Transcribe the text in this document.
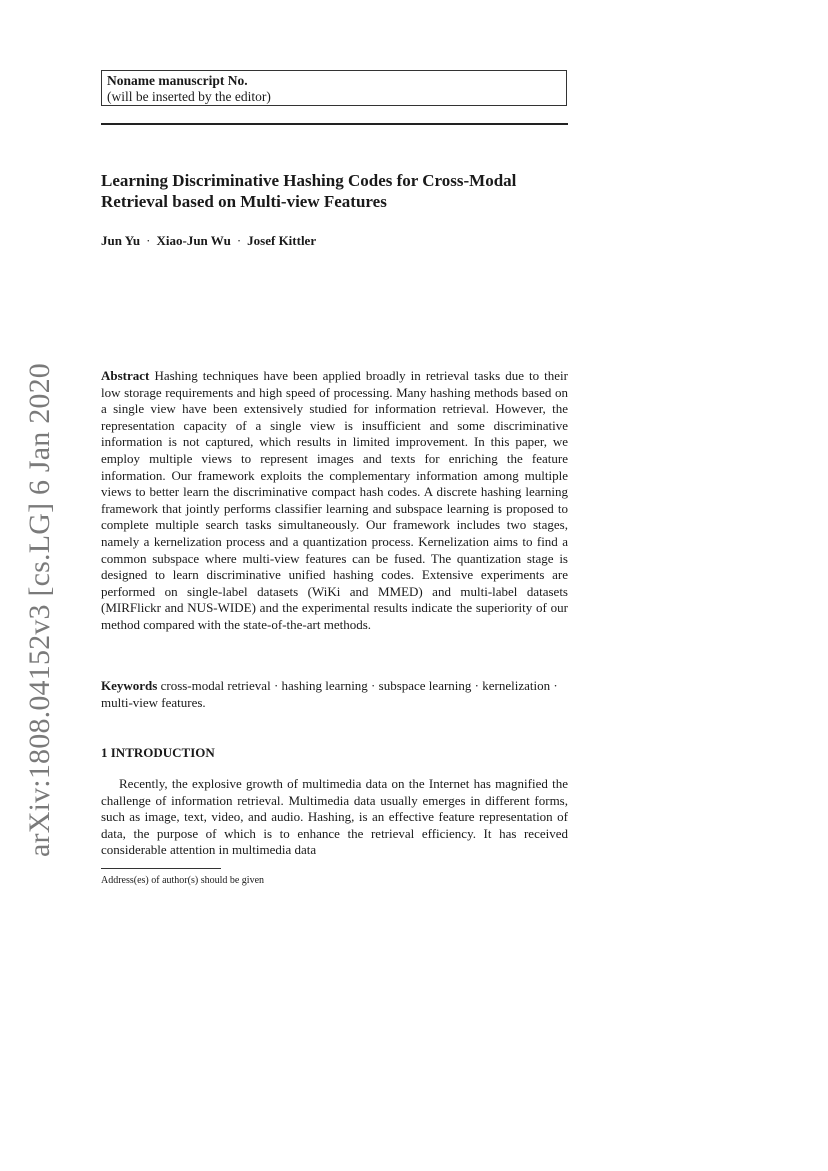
arXiv:1808.04152v3 [cs.LG] 6 Jan 2020
Noname manuscript No.
(will be inserted by the editor)
Learning Discriminative Hashing Codes for Cross-Modal Retrieval based on Multi-view Features
Jun Yu · Xiao-Jun Wu · Josef Kittler
Abstract Hashing techniques have been applied broadly in retrieval tasks due to their low storage requirements and high speed of processing. Many hashing methods based on a single view have been extensively studied for information retrieval. However, the representation capacity of a single view is insufficient and some discriminative information is not captured, which results in limited improvement. In this paper, we employ multiple views to represent images and texts for enriching the feature information. Our framework exploits the complementary information among multiple views to better learn the discriminative compact hash codes. A discrete hashing learning framework that jointly performs classifier learning and subspace learning is proposed to complete multiple search tasks simultaneously. Our framework includes two stages, namely a kernelization process and a quantization process. Kernelization aims to find a common subspace where multi-view features can be fused. The quantization stage is designed to learn discriminative unified hashing codes. Extensive experiments are performed on single-label datasets (WiKi and MMED) and multi-label datasets (MIRFlickr and NUS-WIDE) and the experimental results indicate the superiority of our method compared with the state-of-the-art methods.
Keywords cross-modal retrieval · hashing learning · subspace learning · kernelization · multi-view features.
1 INTRODUCTION
Recently, the explosive growth of multimedia data on the Internet has magnified the challenge of information retrieval. Multimedia data usually emerges in different forms, such as image, text, video, and audio. Hashing, is an effective feature representation of data, the purpose of which is to enhance the retrieval efficiency. It has received considerable attention in multimedia data
Address(es) of author(s) should be given
